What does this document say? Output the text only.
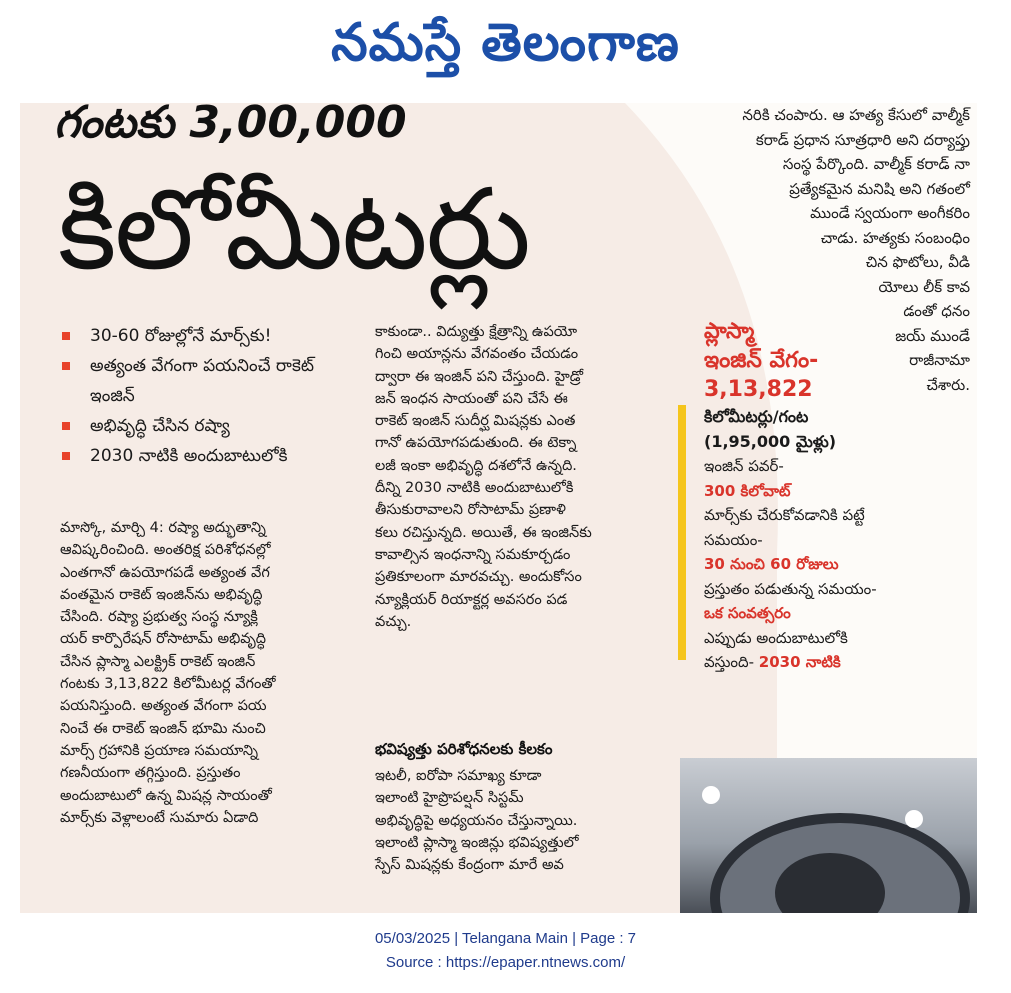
నమస్తే తెలంగాణ
గంటకు 3,00,000
కిలోమీటర్లు
30-60 రోజుల్లోనే మార్స్‌కు!
అత్యంత వేగంగా పయనించే రాకెట్ ఇంజిన్
అభివృద్ధి చేసిన రష్యా
2030 నాటికి అందుబాటులోకి
మాస్కో, మార్చి 4: రష్యా అద్భుతాన్ని
ఆవిష్కరించింది. అంతరిక్ష పరిశోధనల్లో
ఎంతగానో ఉపయోగపడే అత్యంత వేగ
వంతమైన రాకెట్ ఇంజిన్‌ను అభివృద్ధి
చేసింది. రష్యా ప్రభుత్వ సంస్థ న్యూక్లి
యర్ కార్పొరేషన్ రోసాటామ్ అభివృద్ధి
చేసిన ప్లాస్మా ఎలక్ట్రిక్ రాకెట్ ఇంజిన్
గంటకు 3,13,822 కిలోమీటర్ల వేగంతో
పయనిస్తుంది. అత్యంత వేగంగా పయ
నించే ఈ రాకెట్ ఇంజిన్ భూమి నుంచి
మార్స్ గ్రహానికి ప్రయాణ సమయాన్ని
గణనీయంగా తగ్గిస్తుంది. ప్రస్తుతం
అందుబాటులో ఉన్న మిషన్ల సాయంతో
మార్స్‌కు వెళ్లాలంటే సుమారు ఏడాది
కాకుండా.. విద్యుత్తు క్షేత్రాన్ని ఉపయో
గించి అయాన్లను వేగవంతం చేయడం
ద్వారా ఈ ఇంజిన్ పని చేస్తుంది. హైడ్రో
జన్ ఇంధన సాయంతో పని చేసే ఈ
రాకెట్ ఇంజిన్ సుదీర్ఘ మిషన్లకు ఎంత
గానో ఉపయోగపడుతుంది. ఈ టెక్నా
లజీ ఇంకా అభివృద్ధి దశలోనే ఉన్నది.
దీన్ని 2030 నాటికి అందుబాటులోకి
తీసుకురావాలని రోసాటామ్ ప్రణాళి
కలు రచిస్తున్నది. అయితే, ఈ ఇంజిన్‌కు
కావాల్సిన ఇంధనాన్ని సమకూర్చడం
ప్రతికూలంగా మారవచ్చు. అందుకోసం
న్యూక్లియర్ రియాక్టర్ల అవసరం పడ
వచ్చు.
భవిష్యత్తు పరిశోధనలకు కీలకం
ఇటలీ, ఐరోపా సమాఖ్య కూడా
ఇలాంటి హైప్రొపల్షన్ సిస్టమ్
అభివృద్ధిపై అధ్యయనం చేస్తున్నాయి.
ఇలాంటి ప్లాస్మా ఇంజిన్లు భవిష్యత్తులో
స్పేస్ మిషన్లకు కేంద్రంగా మారే అవ
నరికి చంపారు. ఆ హత్య కేసులో వాల్మీక్
కరాడ్ ప్రధాన సూత్రధారి అని దర్యాప్తు
సంస్థ పేర్కొంది. వాల్మీక్ కరాడ్ నా
ప్రత్యేకమైన మనిషి అని గతంలో
ముండే స్వయంగా అంగీకరిం
చాడు. హత్యకు సంబంధిం
చిన ఫొటోలు, వీడి
యోలు లీక్ కావ
డంతో ధనం
జయ్ ముండే
రాజీనామా
చేశారు.
ప్లాస్మా
ఇంజిన్ వేగం-
3,13,822
కిలోమీటర్లు/గంట
(1,95,000 మైళ్లు)
ఇంజిన్ పవర్-
300 కిలోవాట్
మార్స్‌కు చేరుకోవడానికి పట్టే
సమయం-
30 నుంచి 60 రోజులు
ప్రస్తుతం పడుతున్న సమయం-
ఒక సంవత్సరం
ఎప్పుడు అందుబాటులోకి
వస్తుంది- 2030 నాటికి
05/03/2025 | Telangana Main | Page : 7
Source : https://epaper.ntnews.com/
